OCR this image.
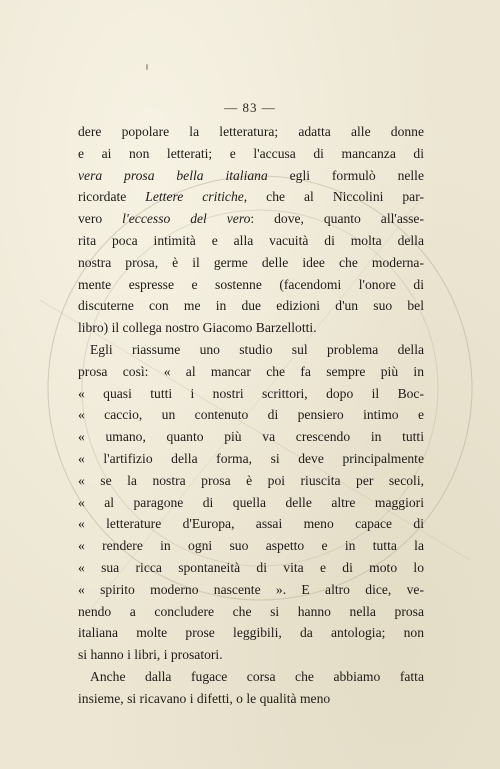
— 83 —
dere popolare la letteratura; adatta alle donne
e ai non letterati; e l'accusa di mancanza di
vera prosa bella italiana egli formulò nelle
ricordate Lettere critiche, che al Niccolini par-
vero l'eccesso del vero: dove, quanto all'asse-
rita poca intimità e alla vacuità di molta della
nostra prosa, è il germe delle idee che moderna-
mente espresse e sostenne (facendomi l'onore di
discuterne con me in due edizioni d'un suo bel
libro) il collega nostro Giacomo Barzellotti.
Egli riassume uno studio sul problema della
prosa così: « al mancar che fa sempre più in
« quasi tutti i nostri scrittori, dopo il Boc-
« caccio, un contenuto di pensiero intimo e
« umano, quanto più va crescendo in tutti
« l'artifizio della forma, si deve principalmente
« se la nostra prosa è poi riuscita per secoli,
« al paragone di quella delle altre maggiori
« letterature d'Europa, assai meno capace di
« rendere in ogni suo aspetto e in tutta la
« sua ricca spontaneità di vita e di moto lo
« spirito moderno nascente ». E altro dice, ve-
nendo a concludere che si hanno nella prosa
italiana molte prose leggibili, da antologia; non
si hanno i libri, i prosatori.
Anche dalla fugace corsa che abbiamo fatta
insieme, si ricavano i difetti, o le qualità meno
